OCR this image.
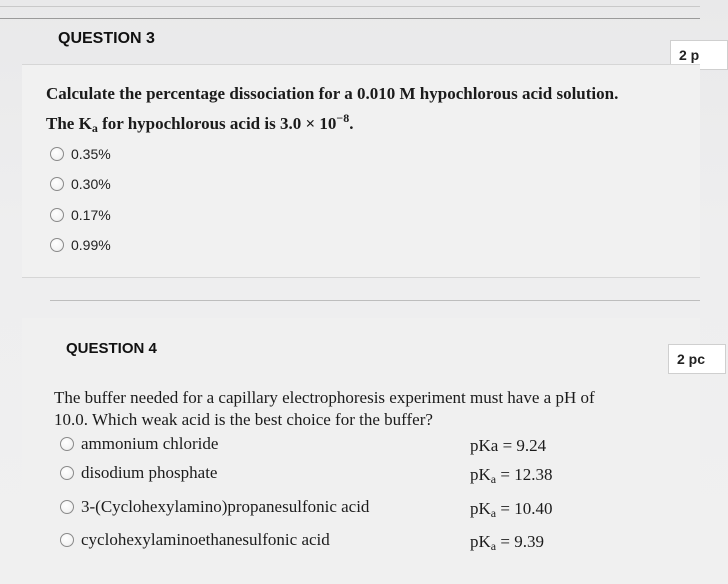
QUESTION 3
2 p
Calculate the percentage dissociation for a 0.010 M hypochlorous acid solution.
The $K_a$ for hypochlorous acid is $3.0 \times 10^{-8}$.
0.35%
0.30%
0.17%
0.99%
QUESTION 4
2 pc
The buffer needed for a capillary electrophoresis experiment must have a pH of
10.0. Which weak acid is the best choice for the buffer?
ammonium chloride	pKa = 9.24
disodium phosphate	$pK_a = 12.38$
3-(Cyclohexylamino)propanesulfonic acid	$pK_a = 10.40$
cyclohexylaminoethanesulfonic acid	$pK_a = 9.39$
